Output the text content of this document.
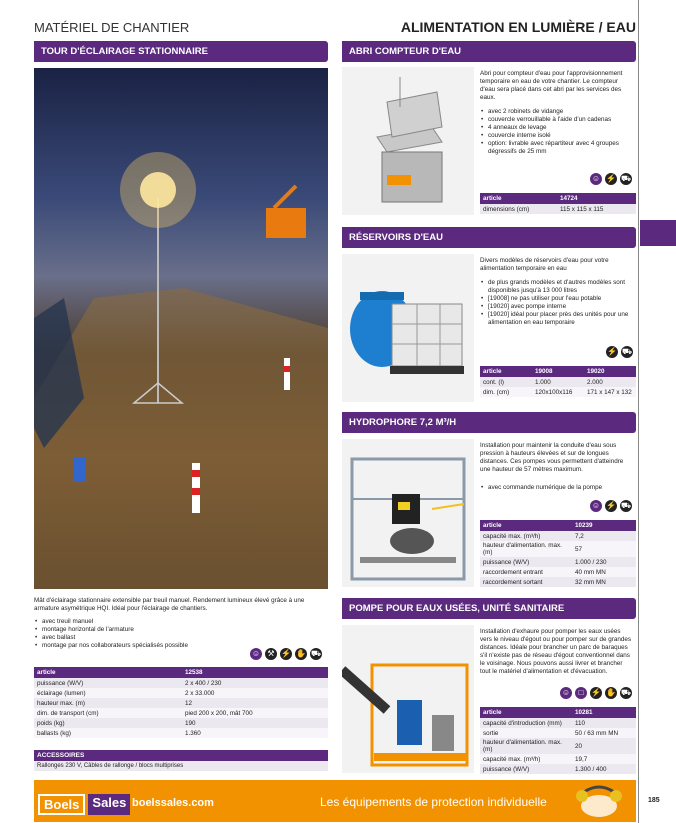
MATÉRIEL DE CHANTIER	ALIMENTATION EN LUMIÈRE / EAU
TOUR D'ÉCLAIRAGE STATIONNAIRE
Mât d'éclairage stationnaire extensible par treuil manuel. Rendement lumineux élevé grâce à une armature asymétrique HQI. Idéal pour l'éclairage de chantiers.
• avec treuil manuel
• montage horizontal de l'armature
• avec ballast
• montage par nos collaborateurs spécialisés possible
☺ ⚒ ⚡ ✋ ⛟
article	12538
puissance (W/V)	2 x 400 / 230
éclairage (lumen)	2 x 33.000
hauteur max. (m)	12
dim. de transport (cm)	pied 200 x 200, mât 700
poids (kg)	190
ballasts (kg)	1.360
ACCESSOIRES
Rallonges 230 V, Câbles de rallonge / blocs multiprises
ABRI COMPTEUR D'EAU
Abri pour compteur d'eau pour l'approvisionnement temporaire en eau de votre chantier. Le compteur d'eau sera placé dans cet abri par les services des eaux.
• avec 2 robinets de vidange
• couvercle verrouillable à l'aide d'un cadenas
• 4 anneaux de levage
• couvercle interne isolé
• option: livrable avec répartiteur avec 4 groupes dégressifs de 25 mm
☺ ⚡ ⛟
article	14724
dimensions (cm)	115 x 115 x 115
RÉSERVOIRS D'EAU
Divers modèles de réservoirs d'eau pour votre alimentation temporaire en eau
• de plus grands modèles et d'autres modèles sont disponibles jusqu'à 13 000 litres
• [19008] ne pas utiliser pour l'eau potable
• [19020] avec pompe interne
• [19020] idéal pour placer près des unités pour une alimentation en eau temporaire
⚡ ⛟
article	19008	19020
cont. (l)	1.000	2.000
dim. (cm)	120x100x116	171 x 147 x 132
HYDROPHORE 7,2 M³/H
Installation pour maintenir la conduite d'eau sous pression à hauteurs élevées et sur de longues distances. Ces pompes vous permettent d'atteindre une hauteur de 57 mètres maximum.
• avec commande numérique de la pompe
☺ ⚡ ⛟
article	10239
capacité max. (m³/h)	7,2
hauteur d'alimentation. max. (m)	57
puissance (W/V)	1.000 / 230
raccordement entrant	40 mm MN
raccordement sortant	32 mm MN
POMPE POUR EAUX USÉES, UNITÉ SANITAIRE
Installation d'exhaure pour pomper les eaux usées vers le niveau d'égout ou pour pomper sur de grandes distances. Idéale pour brancher un parc de baraques s'il n'existe pas de réseau d'égout conventionnel dans le voisinage. Nous pouvons aussi livrer et brancher tout le matériel d'alimentation et d'évacuation.
☺	□ ⚡ ✋ ⛟
article	10281
capacité d'introduction (mm)	110
sortie	50 / 63 mm MN
hauteur d'alimentation. max. (m)	20
capacité max. (m³/h)	19,7
puissance (W/V)	1.300 / 400
Boels	Sales boelssales.com	Les équipements de protection individuelle	185
